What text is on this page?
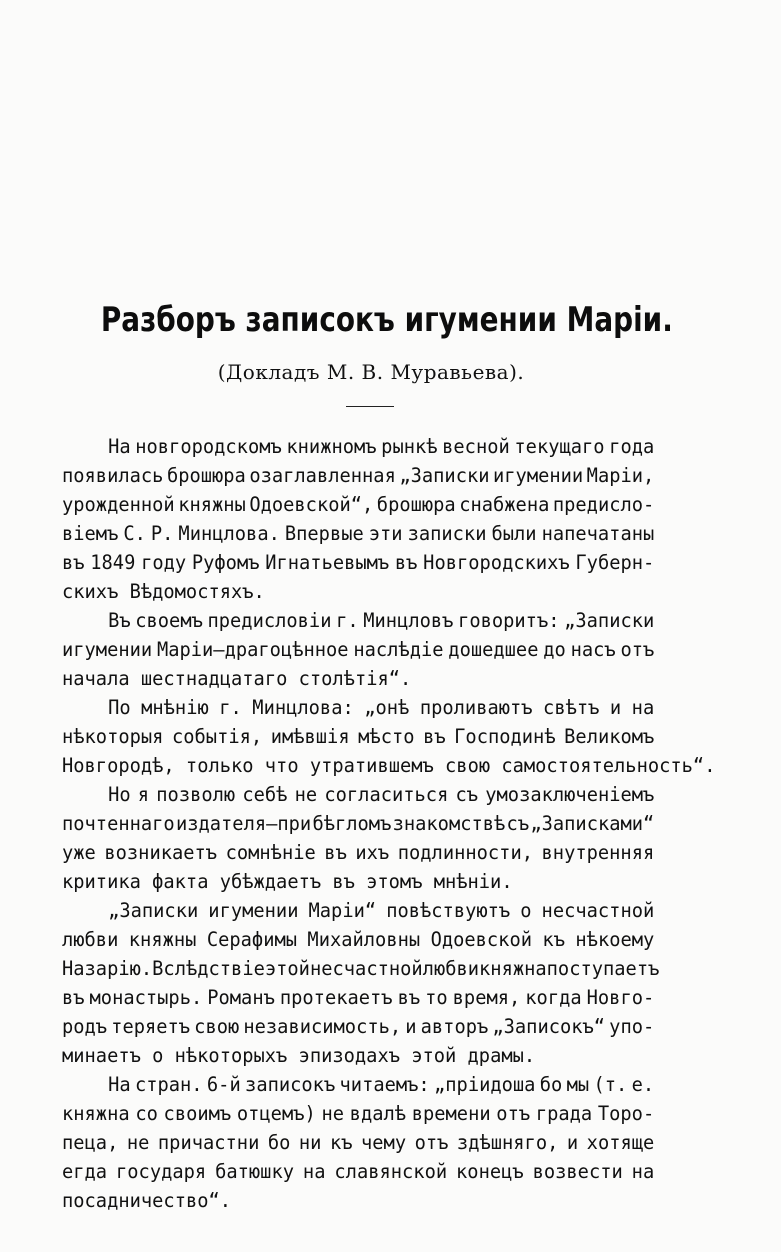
Разборъ записокъ игумении Марiи.
(Докладъ М. В. Муравьева).
На новгородскомъ книжномъ рынкѣ весной текущаго года
появилась брошюра озаглавленная „Записки игумении Марiи,
урожденной княжны Одоевской“, брошюра снабжена предисло-
вiемъ С. Р. Минцлова. Впервые эти записки были напечатаны
въ 1849 году Руфомъ Игнатьевымъ въ Новгородскихъ Губерн-
скихъ Вѣдомостяхъ.
Въ своемъ предисловiи г. Минцловъ говоритъ: „Записки
игумении Марiи—драгоцѣнное наслѣдiе дошедшее до насъ отъ
начала шестнадцатаго столѣтiя“.
По мнѣнiю г. Минцлова: „онѣ проливаютъ свѣтъ и на
нѣкоторыя событiя, имѣвшiя мѣсто въ Господинѣ Великомъ
Новгородѣ, только что утратившемъ свою самостоятельность“.
Но я позволю себѣ не согласиться съ умозаключенiемъ
почтеннаго издателя—при бѣгломъ знакомствѣ съ „Записками“
уже возникаетъ сомнѣнiе въ ихъ подлинности, внутренняя
критика факта убѣждаетъ въ этомъ мнѣнiи.
„Записки игумении Марiи“ повѣствуютъ о несчастной
любви княжны Серафимы Михайловны Одоевской къ нѣкоему
Назарiю. Вслѣдствiе этой несчастной любви княжна поступаетъ
въ монастырь. Романъ протекаетъ въ то время, когда Новго-
родъ теряетъ свою независимость, и авторъ „Записокъ“ упо-
минаетъ о нѣкоторыхъ эпизодахъ этой драмы.
На стран. 6-й записокъ читаемъ: „прiидоша бо мы (т. е.
княжна со своимъ отцемъ) не вдалѣ времени отъ града Торо-
пеца, не причастни бо ни къ чему отъ здѣшняго, и хотяще
егда государя батюшку на славянской конецъ возвести на
посадничество“.
